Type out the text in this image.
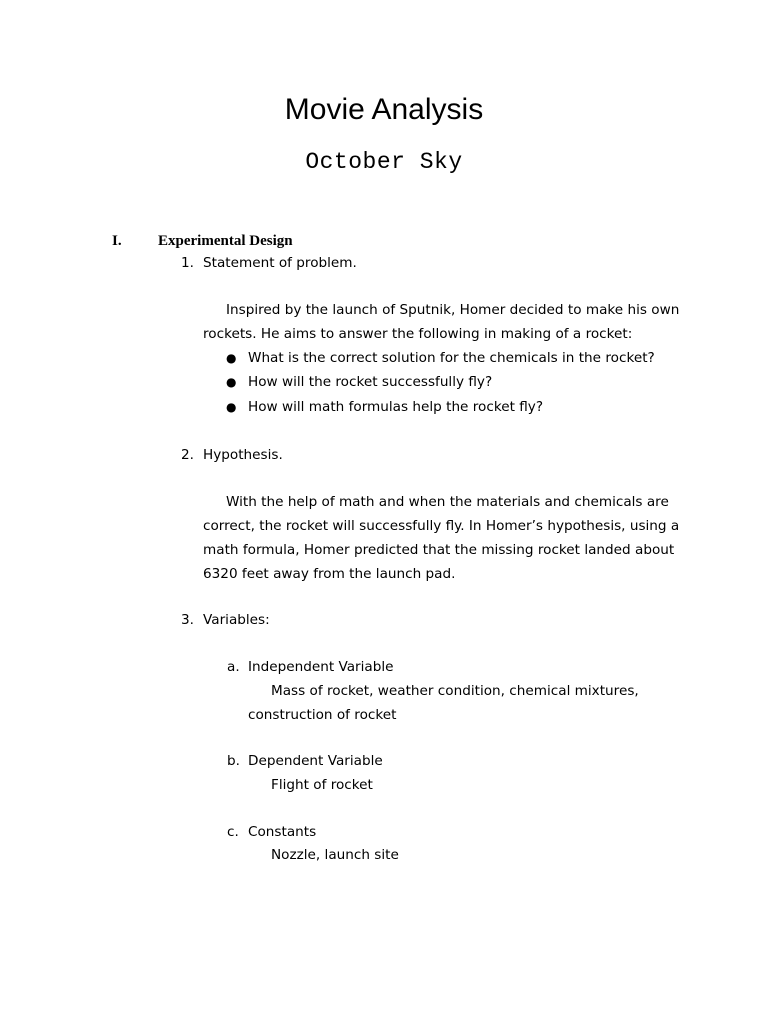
Movie Analysis
October Sky
I. Experimental Design
1. Statement of problem.
Inspired by the launch of Sputnik, Homer decided to make his own
rockets. He aims to answer the following in making of a rocket:
● What is the correct solution for the chemicals in the rocket?
● How will the rocket successfully fly?
● How will math formulas help the rocket fly?
2. Hypothesis.
With the help of math and when the materials and chemicals are
correct, the rocket will successfully fly. In Homer’s hypothesis, using a
math formula, Homer predicted that the missing rocket landed about
6320 feet away from the launch pad.
3. Variables:
a. Independent Variable
Mass of rocket, weather condition, chemical mixtures,
construction of rocket
b. Dependent Variable
Flight of rocket
c. Constants
Nozzle, launch site
